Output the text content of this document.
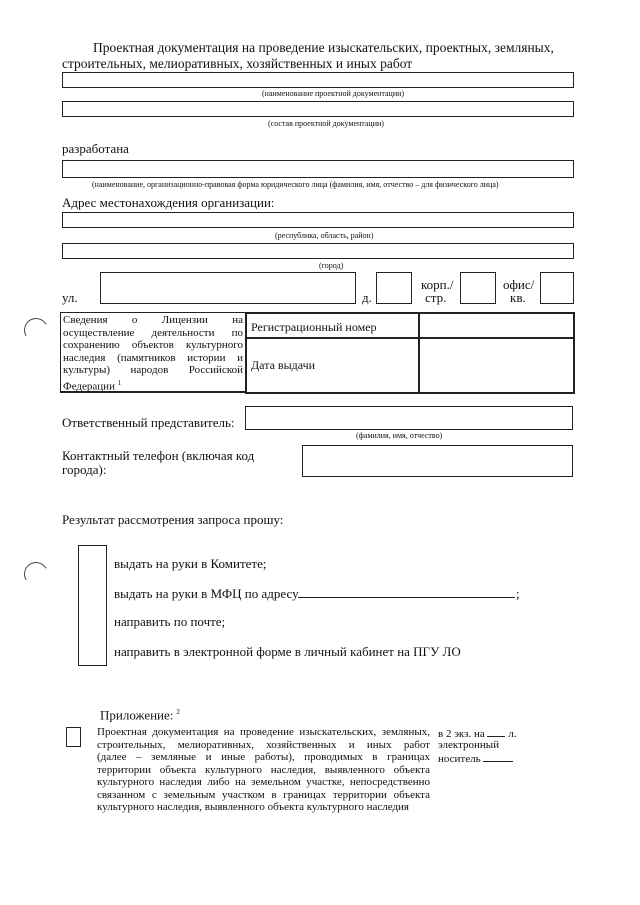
Проектная документация на проведение изыскательских, проектных, земляных,
строительных, мелиоративных, хозяйственных и иных работ
(наименование проектной документации)
(состав проектной документации)
разработана
(наименование, организационно-правовая форма юридического лица (фамилия, имя, отчество – для физического лица)
Адрес местонахождения организации:
(республика, область, район)
(город)
ул.	д.
корп./
стр.
офис/
кв.
Сведения о Лицензии на осуществление деятельности по сохранению объектов культурного наследия (памятников истории и культуры) народов Российской Федерации $^1$
Регистрационный номер
Дата выдачи
Ответственный представитель:
(фамилия, имя, отчество)
Контактный телефон (включая код
города):
Результат рассмотрения запроса прошу:
выдать на руки в Комитете;
выдать на руки в МФЦ по адресу	;
направить по почте;
направить в электронной форме в личный кабинет на ПГУ ЛО
Приложение: $^2$
Проектная документация на проведение изыскательских, земляных,
строительных, мелиоративных, хозяйственных и иных работ
(далее – земляные и иные работы), проводимых в границах
территории объекта культурного наследия, выявленного объекта
культурного наследия либо на земельном участке, непосредственно
связанном с земельным участком в границах территории объекта
культурного наследия, выявленного объекта культурного наследия
в 2 экз. на л.
электронный
носитель
